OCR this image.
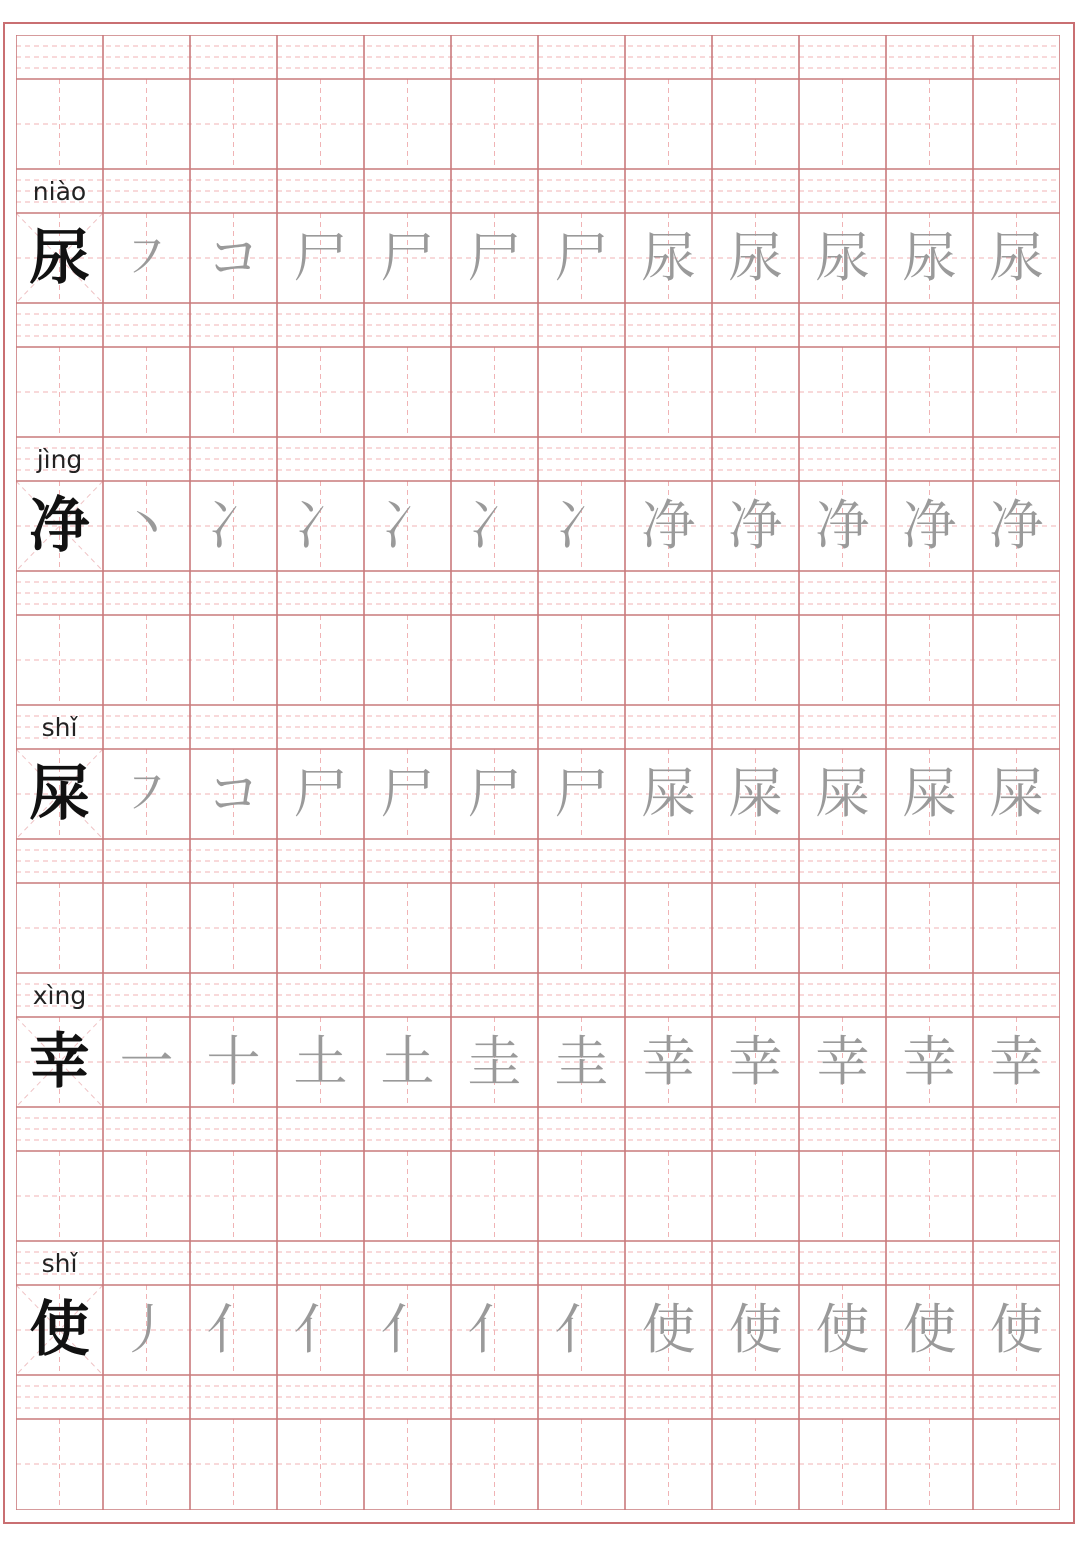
niào
尿 ㇇ コ 尸 尸 尸 尸 尿 尿 尿 尿 尿
jìng
净 丶 冫 冫 冫 冫 冫 净 净 净 净 净
shǐ
屎 ㇇ コ 尸 尸 尸 尸 屎 屎 屎 屎 屎
xìng
幸 一 十 土 土 圭 圭 幸 幸 幸 幸 幸
shǐ
使 丿 亻 亻 亻 亻 亻 使 使 使 使 使
